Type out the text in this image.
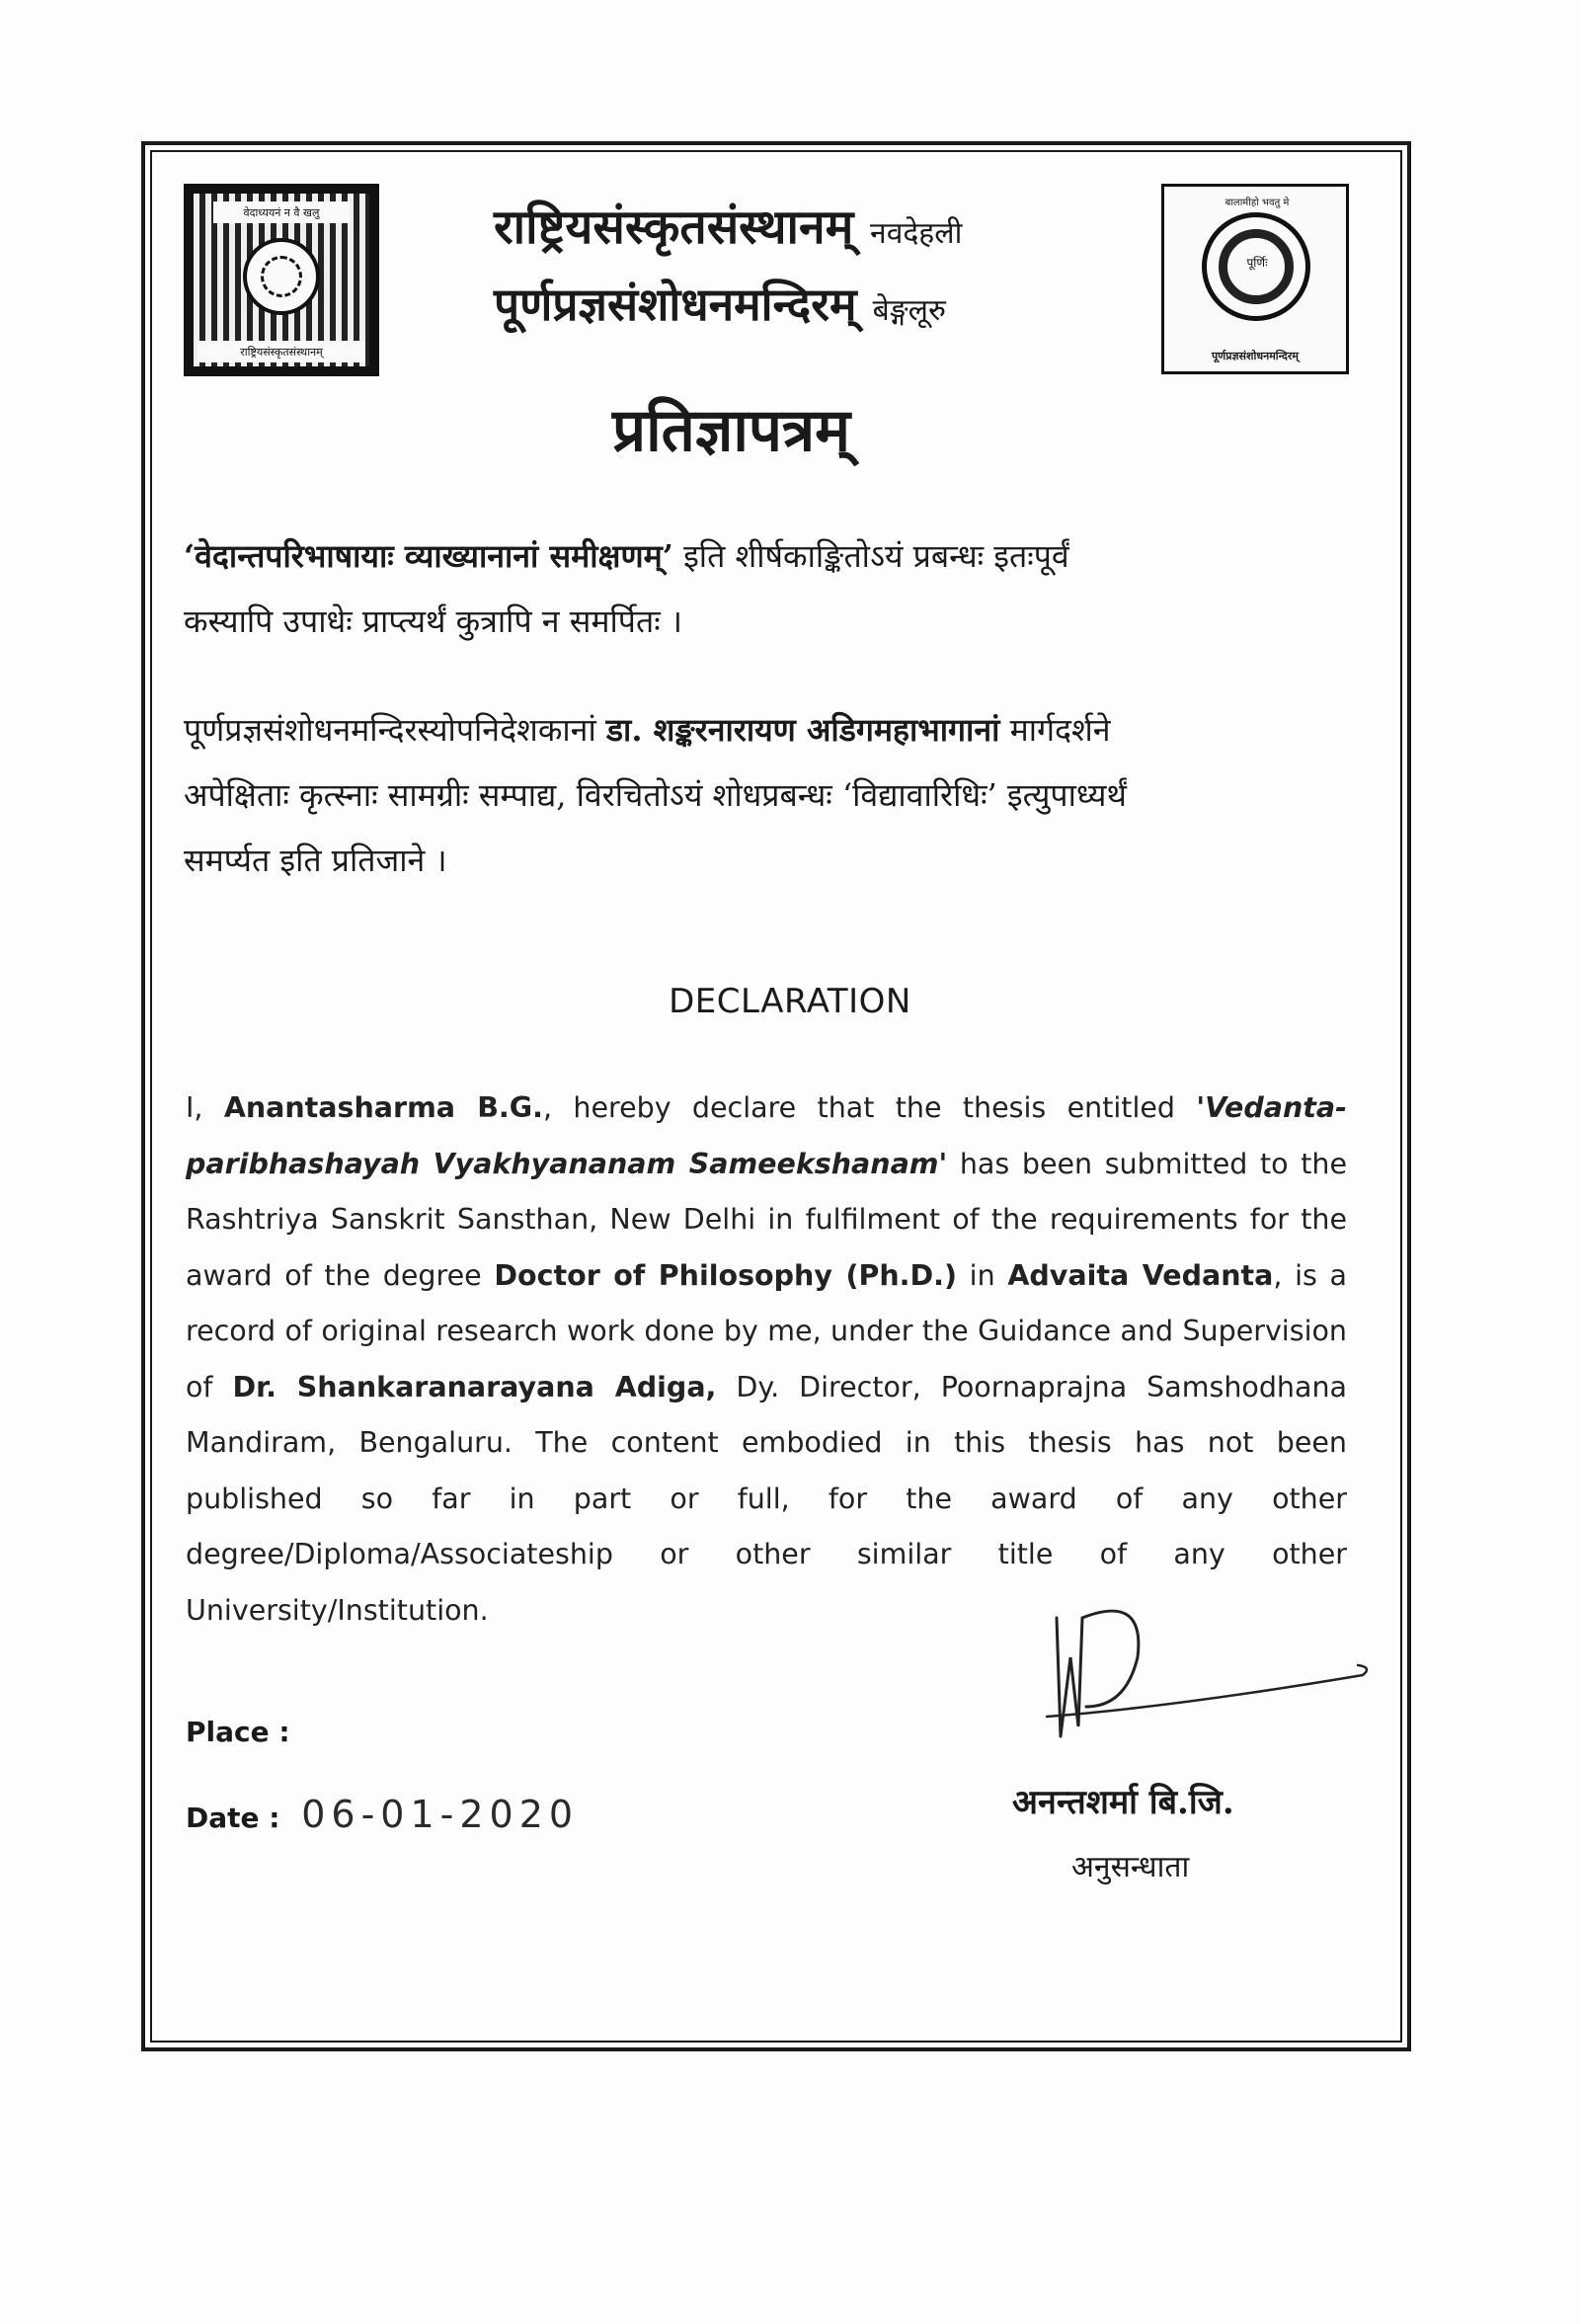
वेदाध्ययनं न वै खलु
राष्ट्रियसंस्कृतसंस्थानम्
बालामीहो भवतु मे
पूर्णिः
पूर्णप्रज्ञसंशोधनमन्दिरम्
राष्ट्रियसंस्कृतसंस्थानम् नवदेहली
पूर्णप्रज्ञसंशोधनमन्दिरम् बेङ्गलूरु
प्रतिज्ञापत्रम्
‘वेदान्तपरिभाषायाः व्याख्यानानां समीक्षणम्’ इति शीर्षकाङ्कितोऽयं प्रबन्धः इतःपूर्वं
कस्यापि उपाधेः प्राप्त्यर्थं कुत्रापि न समर्पितः ।
पूर्णप्रज्ञसंशोधनमन्दिरस्योपनिदेशकानां डा. शङ्करनारायण अडिगमहाभागानां मार्गदर्शने
अपेक्षिताः कृत्स्नाः सामग्रीः सम्पाद्य, विरचितोऽयं शोधप्रबन्धः ‘विद्यावारिधिः’ इत्युपाध्यर्थं
समर्प्यत इति प्रतिजाने ।
DECLARATION
I, Anantasharma B.G., hereby declare that the thesis entitled 'Vedanta-paribhashayah Vyakhyananam Sameekshanam' has been submitted to the Rashtriya Sanskrit Sansthan, New Delhi in fulfilment of the requirements for the award of the degree Doctor of Philosophy (Ph.D.) in Advaita Vedanta, is a record of original research work done by me, under the Guidance and Supervision of Dr. Shankaranarayana Adiga, Dy. Director, Poornaprajna Samshodhana Mandiram, Bengaluru. The content embodied in this thesis has not been published so far in part or full, for the award of any other degree/Diploma/Associateship or other similar title of any other University/Institution.
Place :
Date : 06-01-2020	अनन्तशर्मा बि.जि.
अनुसन्धाता
